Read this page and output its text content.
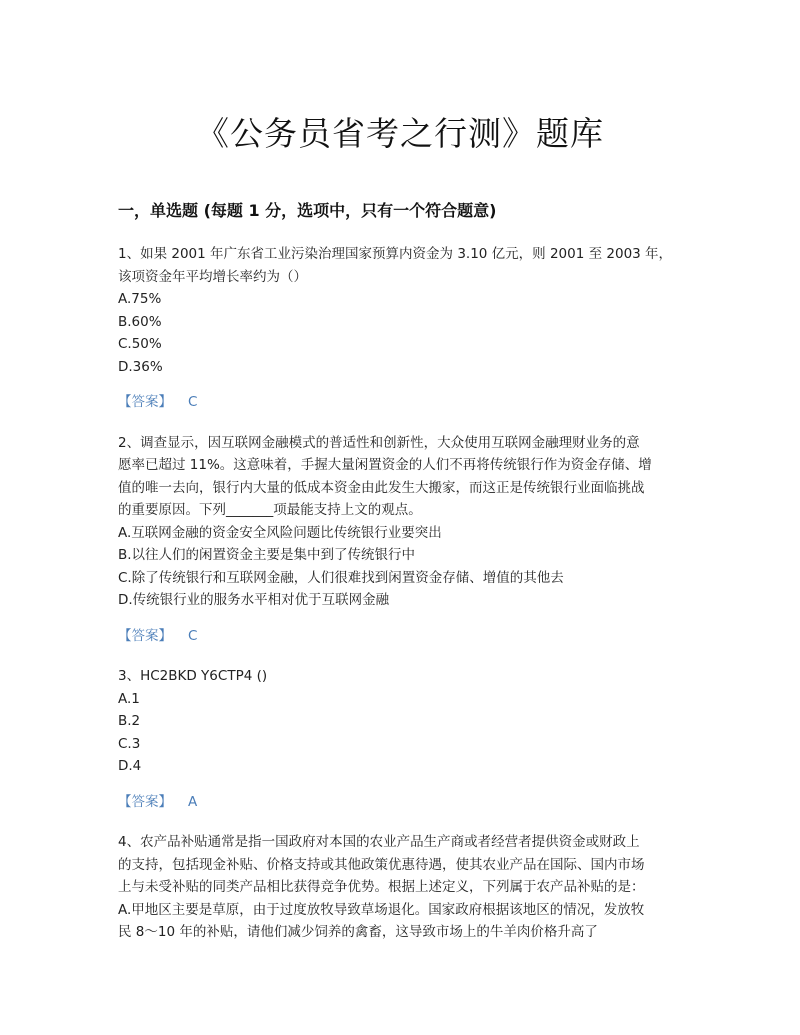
《公务员省考之行测》题库
一，单选题 (每题 1 分，选项中，只有一个符合题意)

1、如果 2001 年广东省工业污染治理国家预算内资金为 3.10 亿元，则 2001 至 2003 年，

该项资金年平均增长率约为（）

A.75%

B.60%

C.50%

D.36%

【答案】 C

2、调查显示，因互联网金融模式的普适性和创新性，大众使用互联网金融理财业务的意

愿率已超过 11%。这意味着，手握大量闲置资金的人们不再将传统银行作为资金存储、增

值的唯一去向，银行内大量的低成本资金由此发生大搬家，而这正是传统银行业面临挑战

的重要原因。下列_______项最能支持上文的观点。

A.互联网金融的资金安全风险问题比传统银行业要突出

B.以往人们的闲置资金主要是集中到了传统银行中

C.除了传统银行和互联网金融，人们很难找到闲置资金存储、增值的其他去

D.传统银行业的服务水平相对优于互联网金融

【答案】 C

3、HC2BKD Y6CTP4 ()

A.1

B.2

C.3

D.4

【答案】 A

4、农产品补贴通常是指一国政府对本国的农业产品生产商或者经营者提供资金或财政上

的支持，包括现金补贴、价格支持或其他政策优惠待遇，使其农业产品在国际、国内市场

上与未受补贴的同类产品相比获得竞争优势。根据上述定义，下列属于农产品补贴的是：

A.甲地区主要是草原，由于过度放牧导致草场退化。国家政府根据该地区的情况，发放牧

民 8～10 年的补贴，请他们减少饲养的禽畜，这导致市场上的牛羊肉价格升高了
